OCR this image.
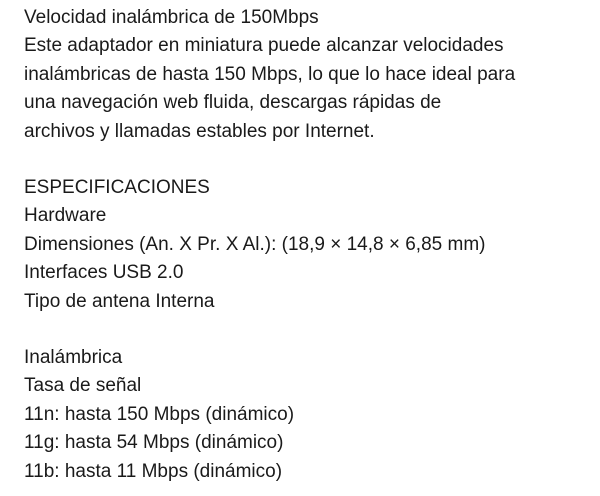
Velocidad inalámbrica de 150Mbps

Este adaptador en miniatura puede alcanzar velocidades

inalámbricas de hasta 150 Mbps, lo que lo hace ideal para

una navegación web fluida, descargas rápidas de

archivos y llamadas estables por Internet.

ESPECIFICACIONES

Hardware

Dimensiones (An. X Pr. X Al.): (18,9 × 14,8 × 6,85 mm)

Interfaces USB 2.0

Tipo de antena Interna

Inalámbrica

Tasa de señal

11n: hasta 150 Mbps (dinámico)

11g: hasta 54 Mbps (dinámico)

11b: hasta 11 Mbps (dinámico)
